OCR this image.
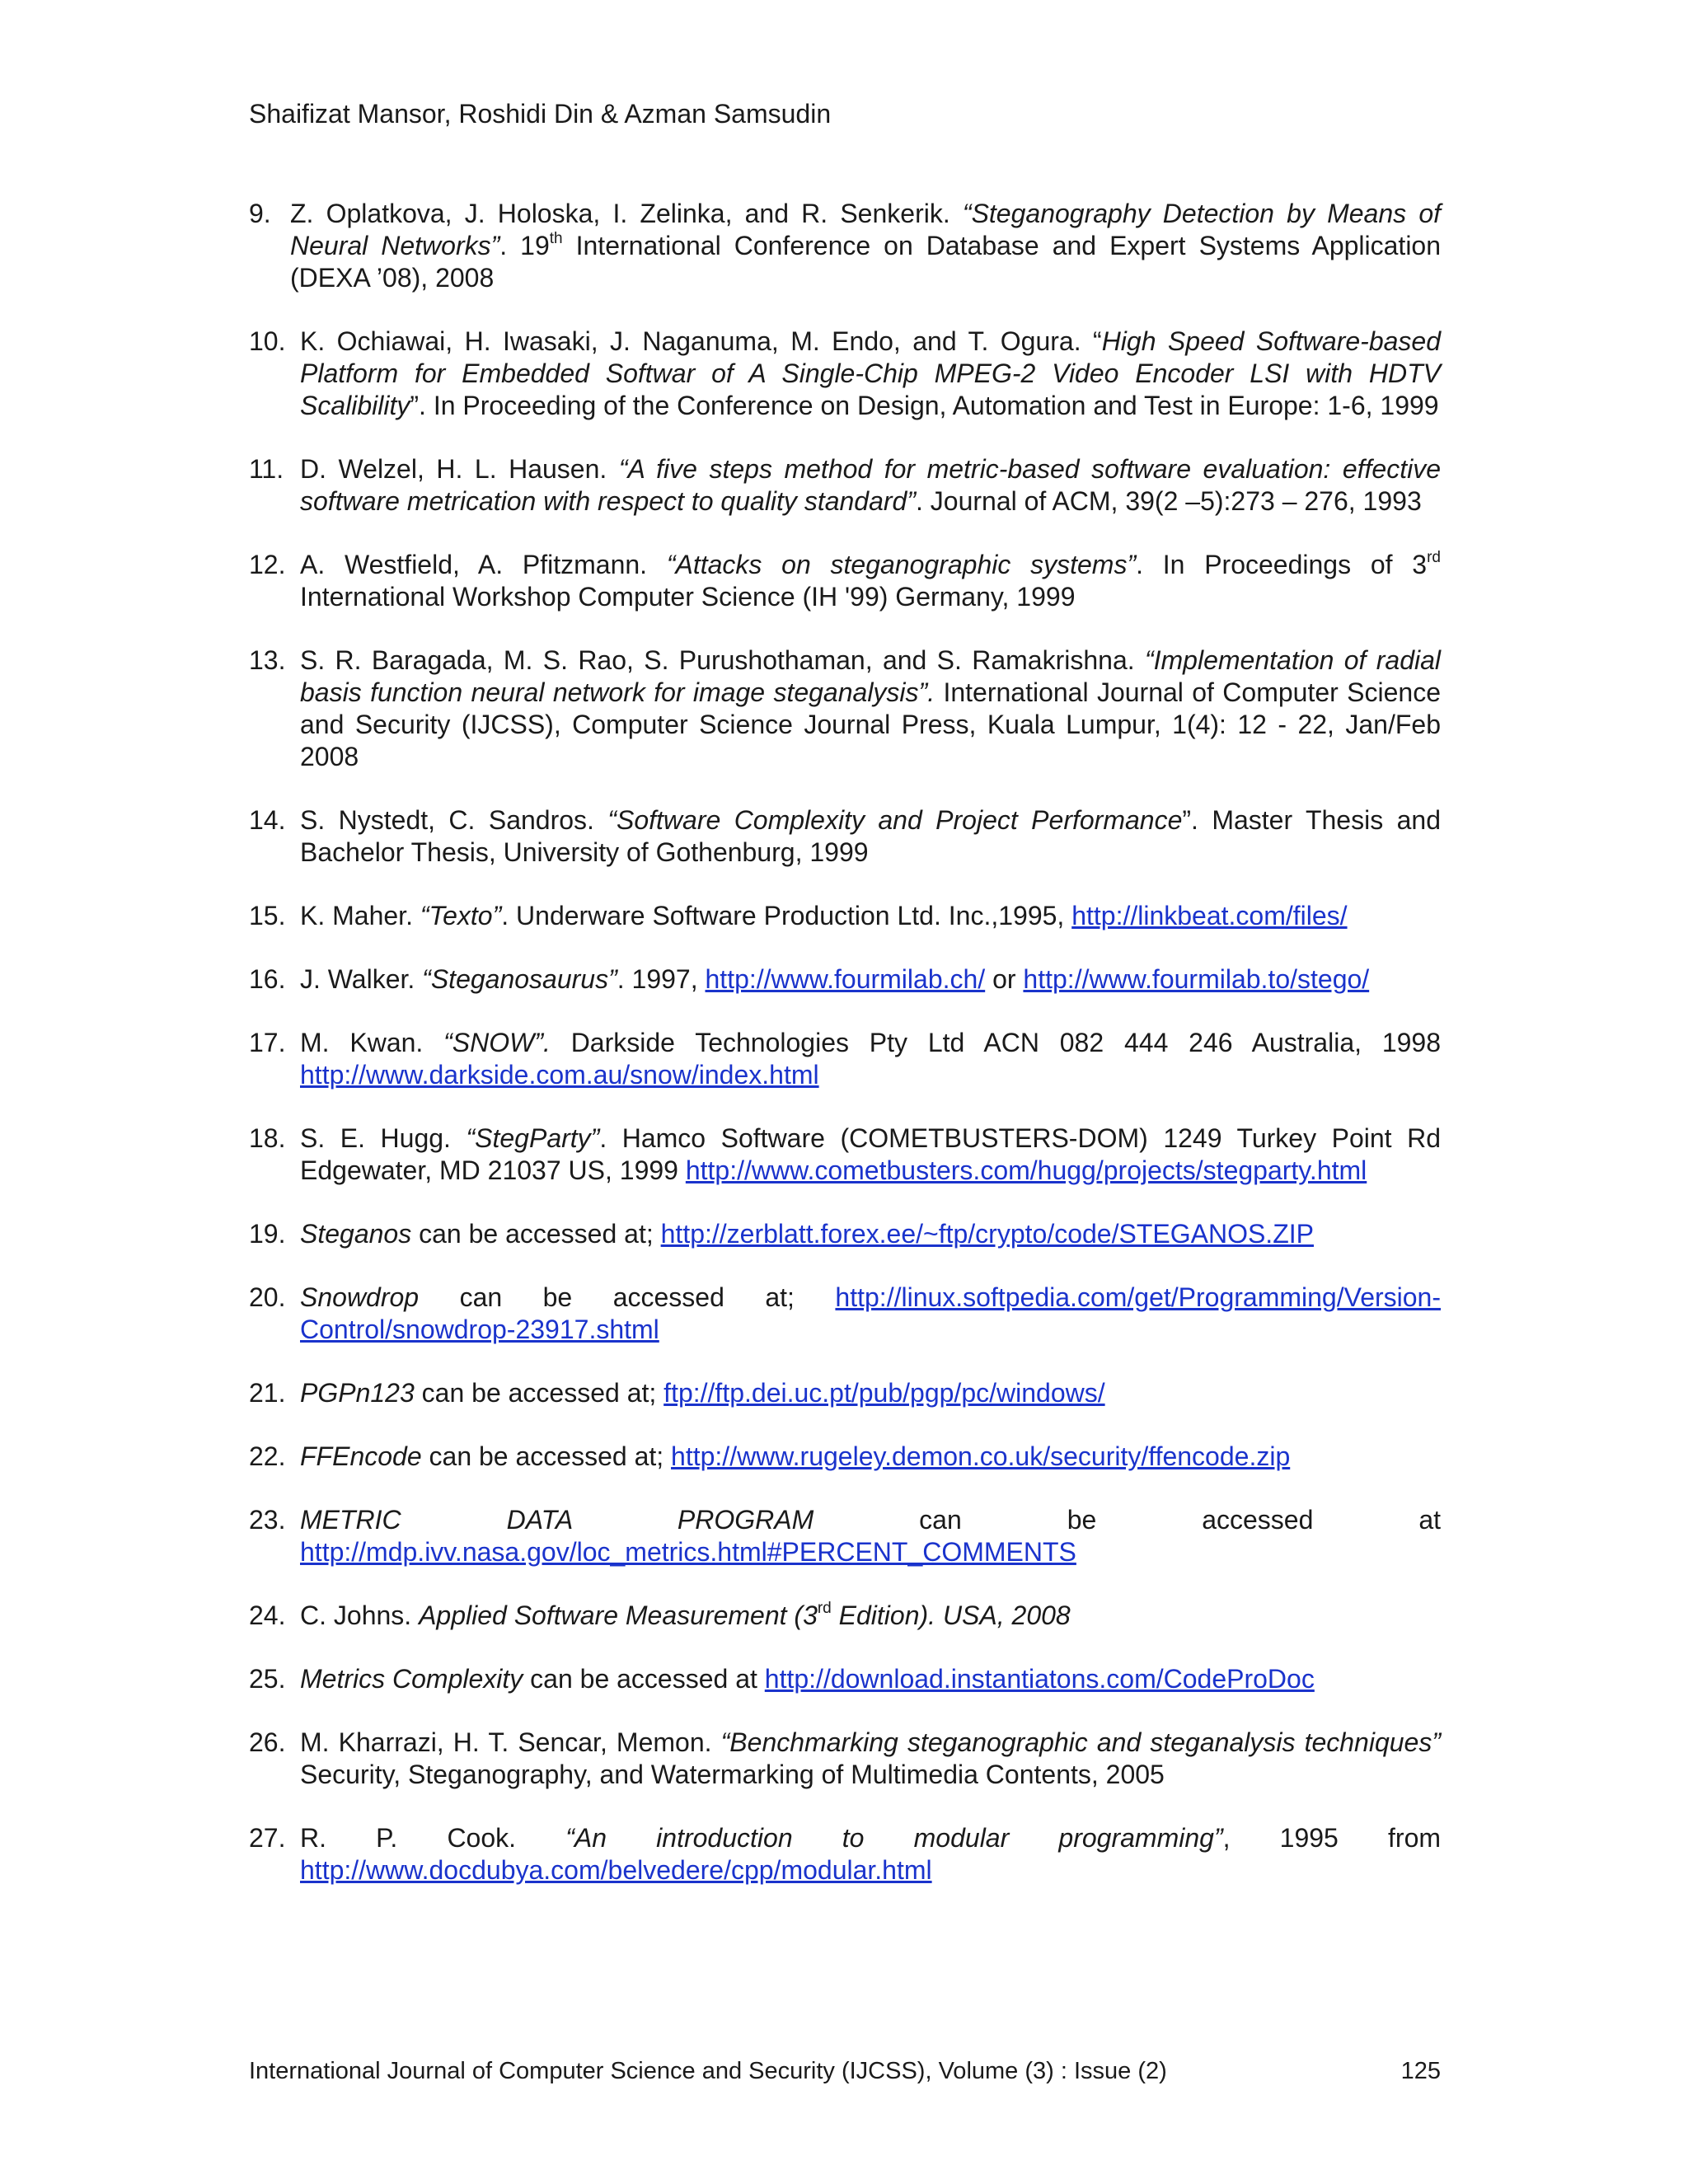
Shaifizat Mansor, Roshidi Din & Azman Samsudin
9. Z. Oplatkova, J. Holoska, I. Zelinka, and R. Senkerik. “Steganography Detection by Means of Neural Networks”. 19th International Conference on Database and Expert Systems Application (DEXA ’08), 2008
10. K. Ochiawai, H. Iwasaki, J. Naganuma, M. Endo, and T. Ogura. “High Speed Software-based Platform for Embedded Softwar of A Single-Chip MPEG-2 Video Encoder LSI with HDTV Scalibility”. In Proceeding of the Conference on Design, Automation and Test in Europe: 1-6, 1999
11. D. Welzel, H. L. Hausen. “A five steps method for metric-based software evaluation: effective software metrication with respect to quality standard”. Journal of ACM, 39(2 –5):273 – 276, 1993
12. A. Westfield, A. Pfitzmann. “Attacks on steganographic systems”. In Proceedings of 3rd International Workshop Computer Science (IH '99) Germany, 1999
13. S. R. Baragada, M. S. Rao, S. Purushothaman, and S. Ramakrishna. “Implementation of radial basis function neural network for image steganalysis”. International Journal of Computer Science and Security (IJCSS), Computer Science Journal Press, Kuala Lumpur, 1(4): 12 - 22, Jan/Feb 2008
14. S. Nystedt, C. Sandros. “Software Complexity and Project Performance”. Master Thesis and Bachelor Thesis, University of Gothenburg, 1999
15. K. Maher. “Texto”. Underware Software Production Ltd. Inc.,1995, http://linkbeat.com/files/
16. J. Walker. “Steganosaurus”. 1997, http://www.fourmilab.ch/ or http://www.fourmilab.to/stego/
17. M. Kwan. “SNOW”. Darkside Technologies Pty Ltd ACN 082 444 246 Australia, 1998 http://www.darkside.com.au/snow/index.html
18. S. E. Hugg. “StegParty”. Hamco Software (COMETBUSTERS-DOM) 1249 Turkey Point Rd Edgewater, MD 21037 US, 1999 http://www.cometbusters.com/hugg/projects/stegparty.html
19. Steganos can be accessed at; http://zerblatt.forex.ee/~ftp/crypto/code/STEGANOS.ZIP
20. Snowdrop can be accessed at; http://linux.softpedia.com/get/Programming/Version-Control/snowdrop-23917.shtml
21. PGPn123 can be accessed at; ftp://ftp.dei.uc.pt/pub/pgp/pc/windows/
22. FFEncode can be accessed at; http://www.rugeley.demon.co.uk/security/ffencode.zip
23. METRIC DATA PROGRAM can be accessed at
http://mdp.ivv.nasa.gov/loc_metrics.html#PERCENT_COMMENTS
24. C. Johns. Applied Software Measurement (3rd Edition). USA, 2008
25. Metrics Complexity can be accessed at http://download.instantiatons.com/CodeProDoc
26. M. Kharrazi, H. T. Sencar, Memon. “Benchmarking steganographic and steganalysis techniques” Security, Steganography, and Watermarking of Multimedia Contents, 2005
27. R. P. Cook. “An introduction to modular programming”, 1995 from
http://www.docdubya.com/belvedere/cpp/modular.html
International Journal of Computer Science and Security (IJCSS), Volume (3) : Issue (2)	125
